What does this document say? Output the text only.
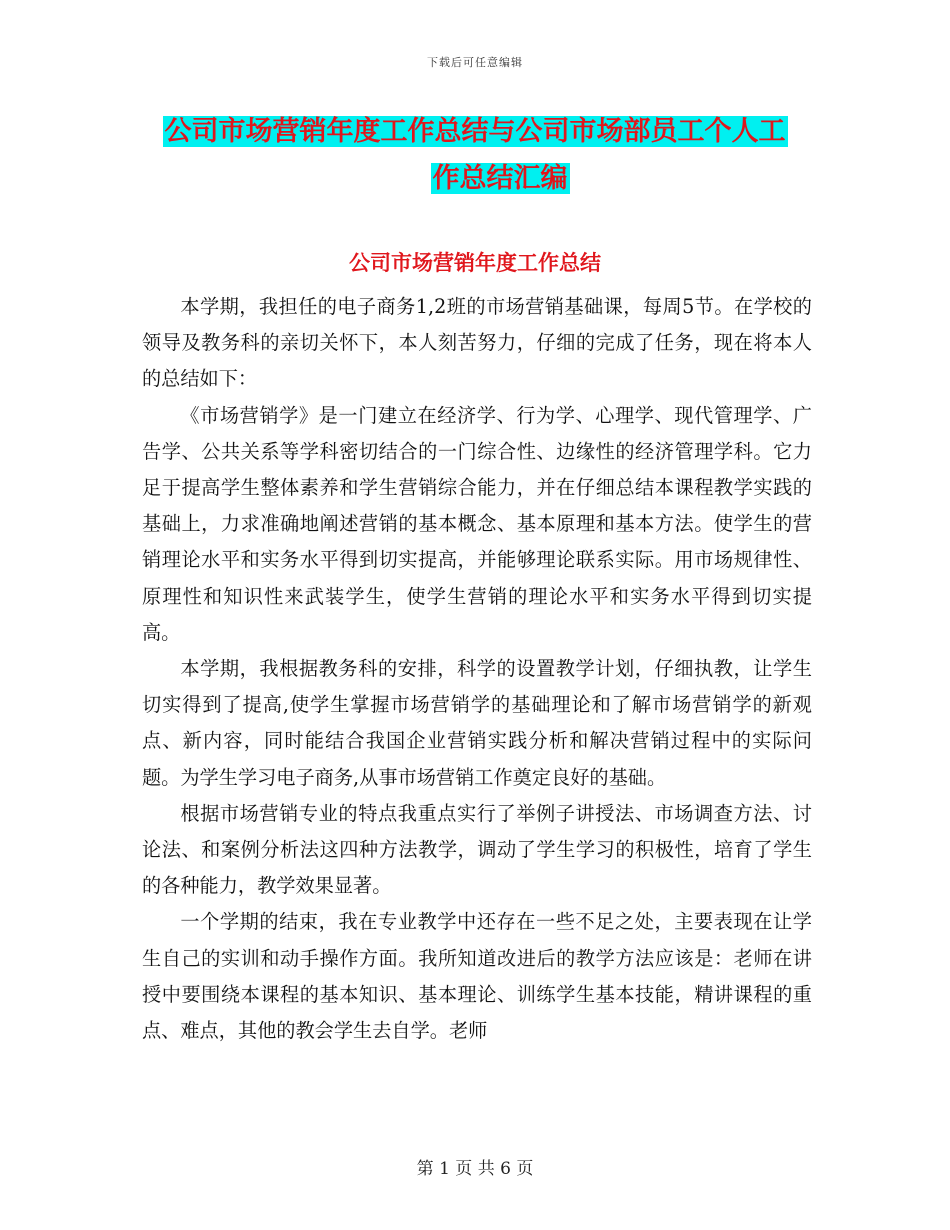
下载后可任意编辑
公司市场营销年度工作总结与公司市场部员工个人工
作总结汇编
公司市场营销年度工作总结

本学期，我担任的电子商务1,2班的市场营销基础课，每周5节。在学校的领导及教务科的亲切关怀下，本人刻苦努力，仔细的完成了任务，现在将本人的总结如下：

《市场营销学》是一门建立在经济学、行为学、心理学、现代管理学、广告学、公共关系等学科密切结合的一门综合性、边缘性的经济管理学科。它力足于提高学生整体素养和学生营销综合能力，并在仔细总结本课程教学实践的基础上，力求准确地阐述营销的基本概念、基本原理和基本方法。使学生的营销理论水平和实务水平得到切实提高，并能够理论联系实际。用市场规律性、原理性和知识性来武装学生，使学生营销的理论水平和实务水平得到切实提高。

本学期，我根据教务科的安排，科学的设置教学计划，仔细执教，让学生切实得到了提高,使学生掌握市场营销学的基础理论和了解市场营销学的新观点、新内容，同时能结合我国企业营销实践分析和解决营销过程中的实际问题。为学生学习电子商务,从事市场营销工作奠定良好的基础。

根据市场营销专业的特点我重点实行了举例子讲授法、市场调查方法、讨论法、和案例分析法这四种方法教学，调动了学生学习的积极性，培育了学生的各种能力，教学效果显著。

一个学期的结束，我在专业教学中还存在一些不足之处，主要表现在让学生自己的实训和动手操作方面。我所知道改进后的教学方法应该是：老师在讲授中要围绕本课程的基本知识、基本理论、训练学生基本技能，精讲课程的重点、难点，其他的教会学生去自学。老师

第 1 页 共 6 页
